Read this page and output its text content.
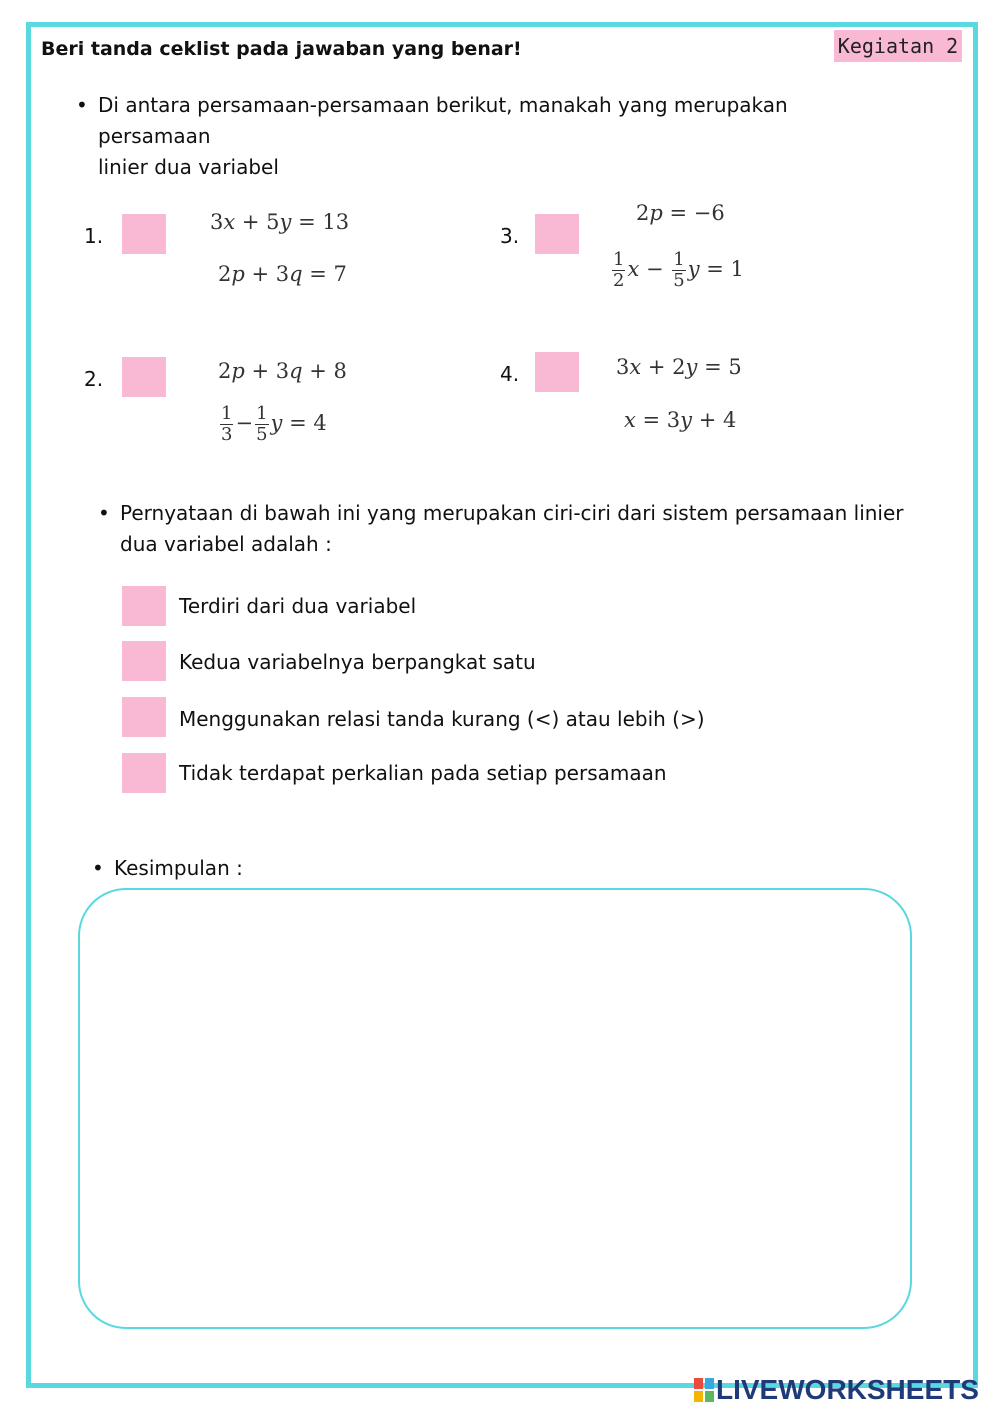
Beri tanda ceklist pada jawaban yang benar!	Kegiatan 2
• Di antara persamaan-persamaan berikut, manakah yang merupakan persamaan
linier dua variabel
1.
3x + 5y = 13
2p + 3q = 7
2.	2p + 3q + 8
$\frac{1}{3} - \frac{1}{5}$ y = 4
3.
2p = −6
$\frac{1}{2}$ $x - \frac{1}{5}$ y = 1
4.	3x + 2y = 5
x = 3y + 4
• Pernyataan di bawah ini yang merupakan ciri-ciri dari sistem persamaan linier
dua variabel adalah :
Terdiri dari dua variabel
Kedua variabelnya berpangkat satu
Menggunakan relasi tanda kurang (<) atau lebih (>)
Tidak terdapat perkalian pada setiap persamaan
• Kesimpulan :
LIVEWORKSHEETS
